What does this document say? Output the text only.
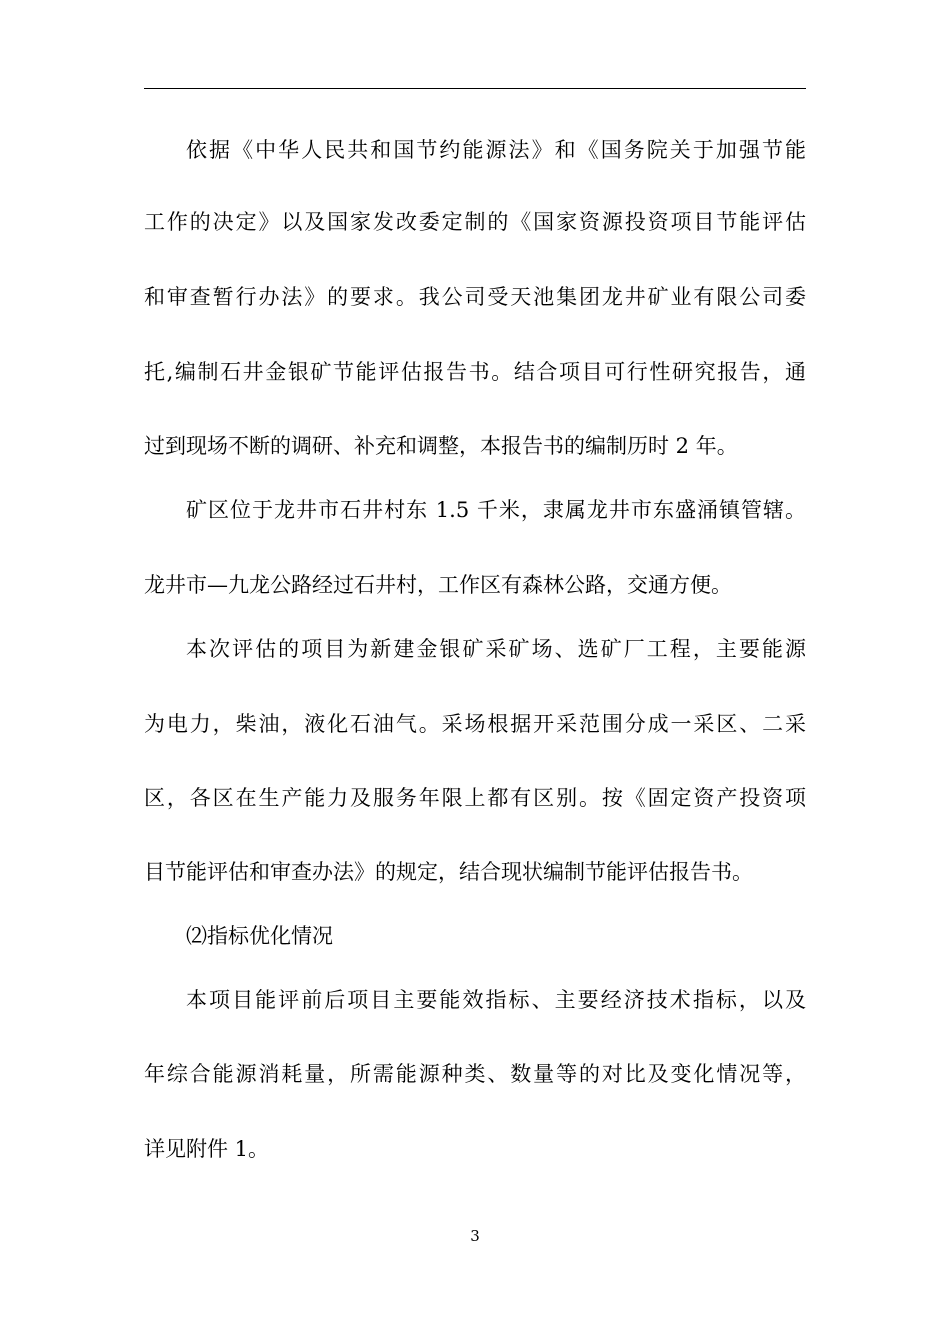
依据《中华人民共和国节约能源法》和《国务院关于加强节能
工作的决定》以及国家发改委定制的《国家资源投资项目节能评估
和审查暂行办法》的要求。我公司受天池集团龙井矿业有限公司委
托,编制石井金银矿节能评估报告书。结合项目可行性研究报告，通
过到现场不断的调研、补充和调整，本报告书的编制历时 2 年。
矿区位于龙井市石井村东 1.5 千米，隶属龙井市东盛涌镇管辖。
龙井市—九龙公路经过石井村，工作区有森林公路，交通方便。
本次评估的项目为新建金银矿采矿场、选矿厂工程，主要能源
为电力，柴油，液化石油气。采场根据开采范围分成一采区、二采
区，各区在生产能力及服务年限上都有区别。按《固定资产投资项
目节能评估和审查办法》的规定，结合现状编制节能评估报告书。
⑵指标优化情况
本项目能评前后项目主要能效指标、主要经济技术指标，以及
年综合能源消耗量，所需能源种类、数量等的对比及变化情况等，
详见附件 1。
3
